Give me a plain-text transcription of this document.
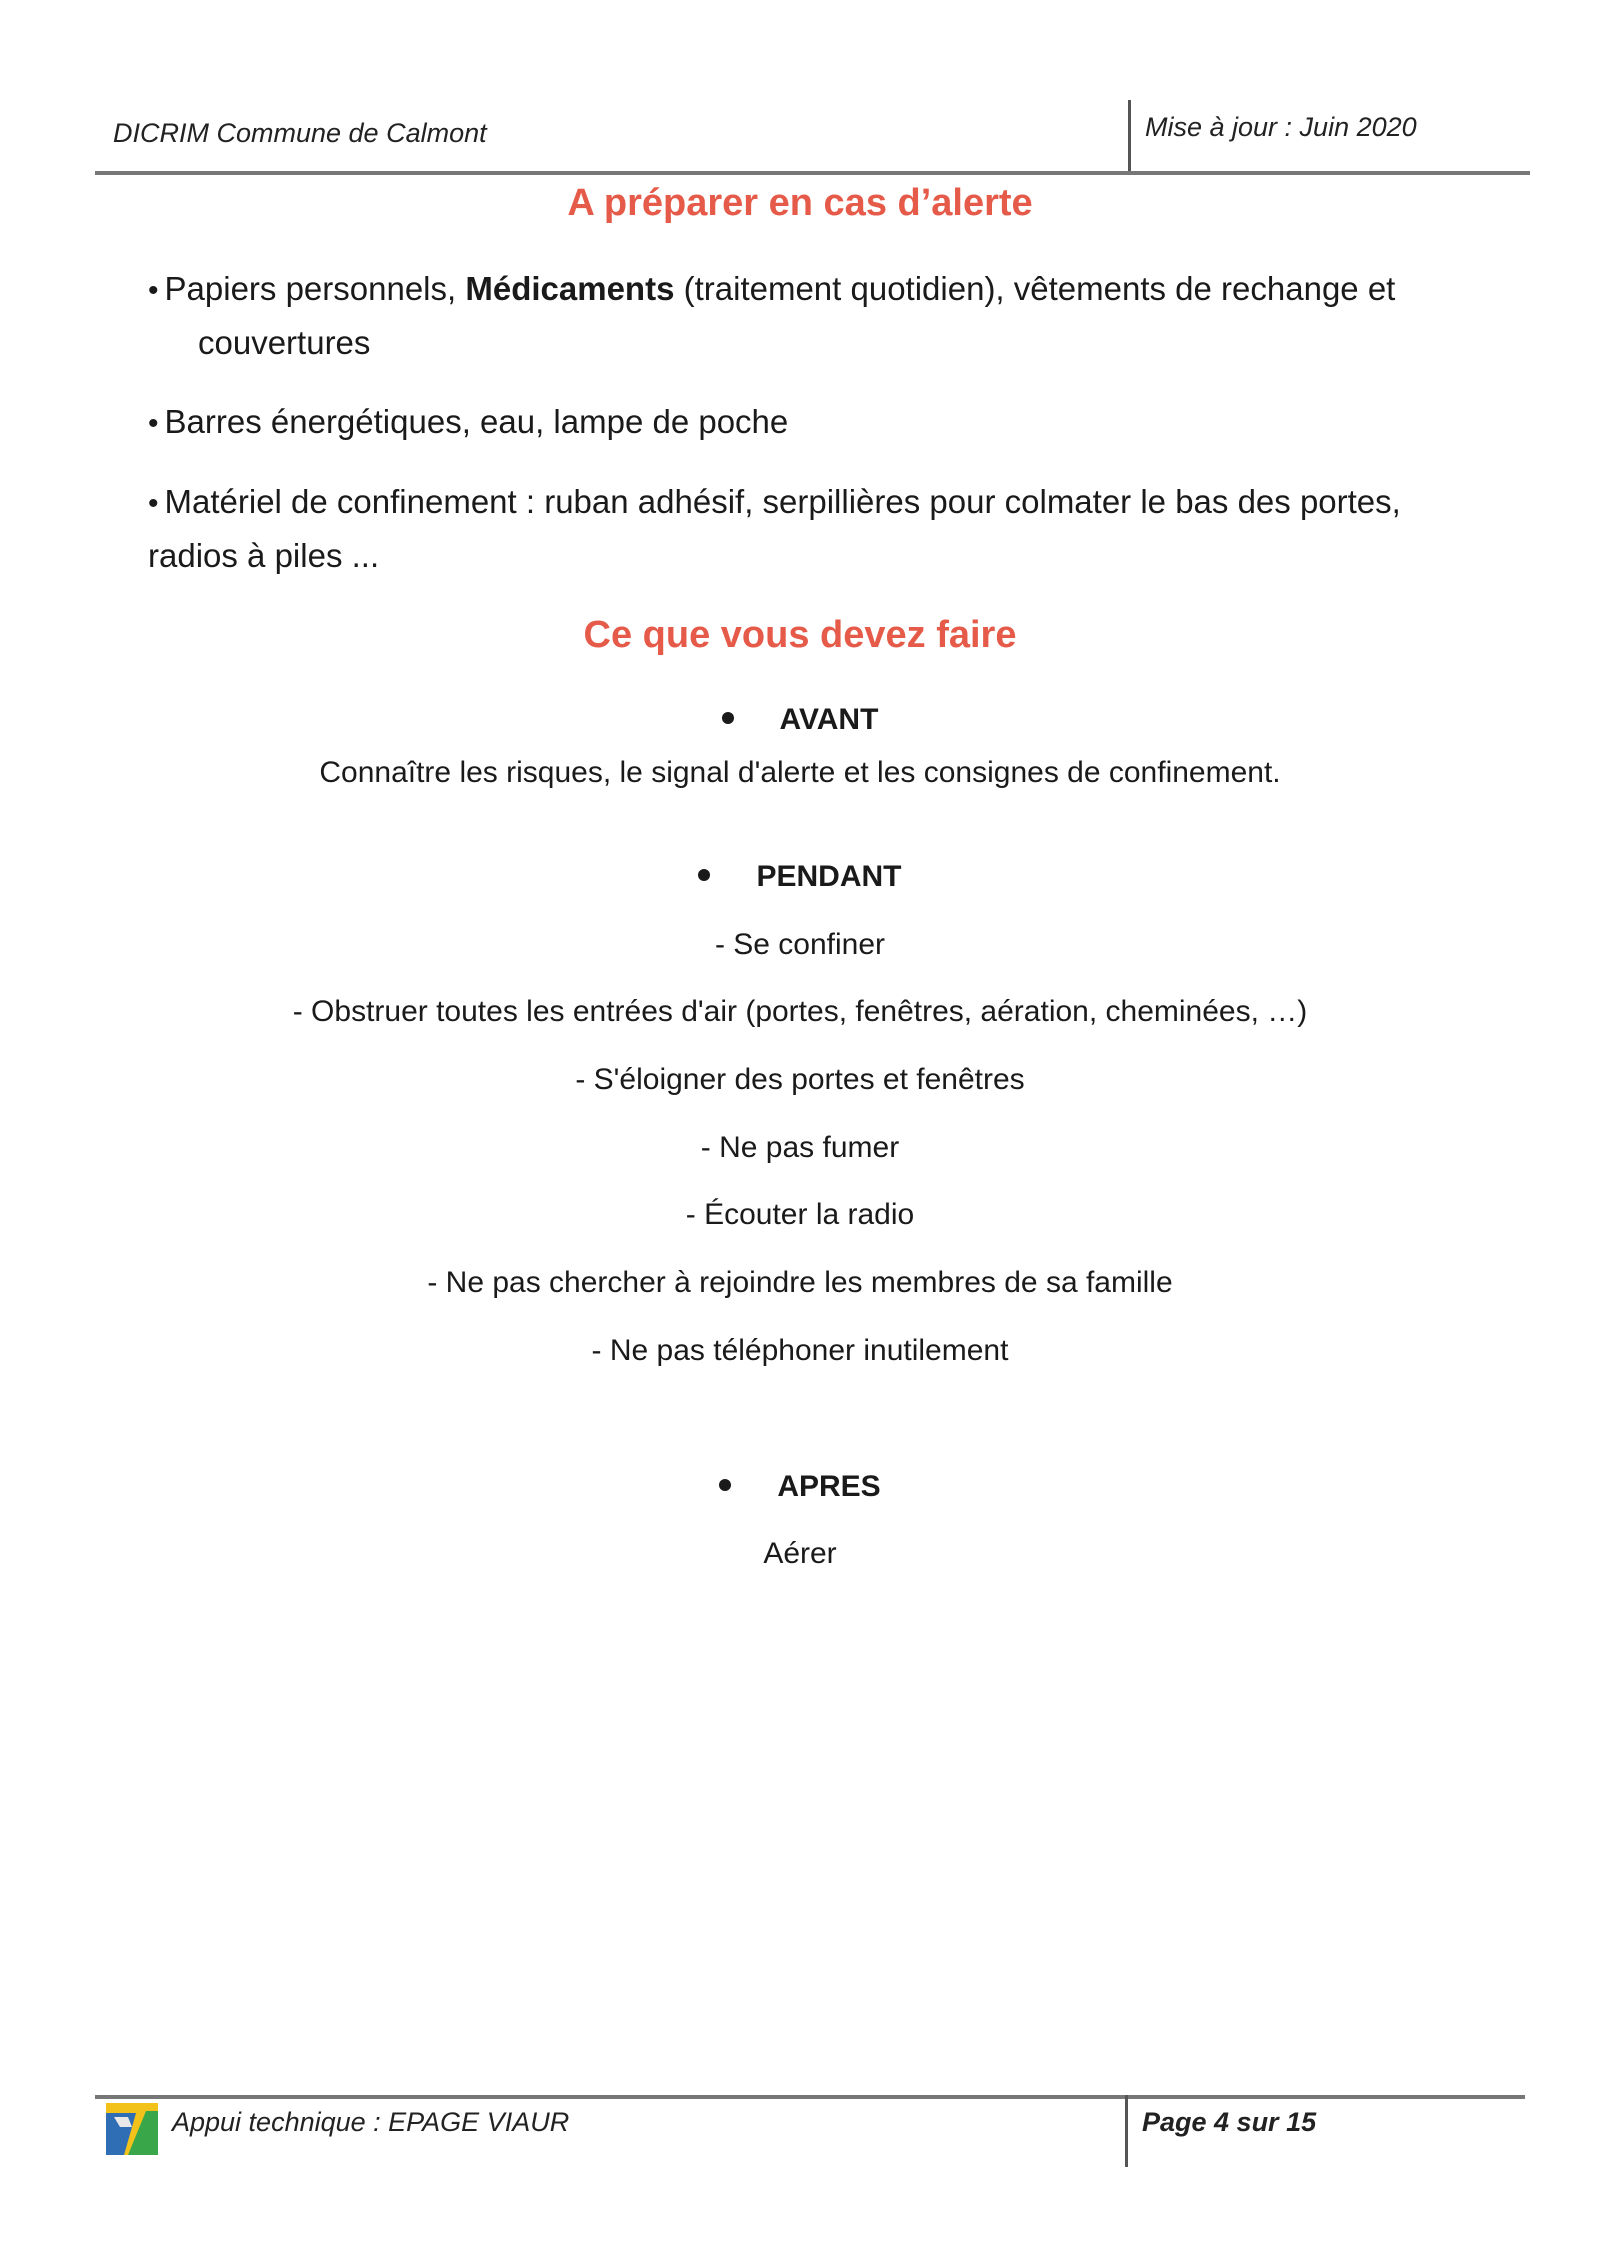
DICRIM Commune de Calmont	Mise à jour : Juin 2020
A préparer en cas d’alerte
• Papiers personnels, Médicaments (traitement quotidien), vêtements de rechange et
couvertures
• Barres énergétiques, eau, lampe de poche
• Matériel de confinement : ruban adhésif, serpillières pour colmater le bas des portes,
radios à piles ...
Ce que vous devez faire
AVANT
Connaître les risques, le signal d'alerte et les consignes de confinement.
PENDANT
- Se confiner
- Obstruer toutes les entrées d'air (portes, fenêtres, aération, cheminées, …)
- S'éloigner des portes et fenêtres
- Ne pas fumer
- Écouter la radio
- Ne pas chercher à rejoindre les membres de sa famille
- Ne pas téléphoner inutilement
APRES
Aérer
Appui technique : EPAGE VIAUR	Page 4 sur 15
